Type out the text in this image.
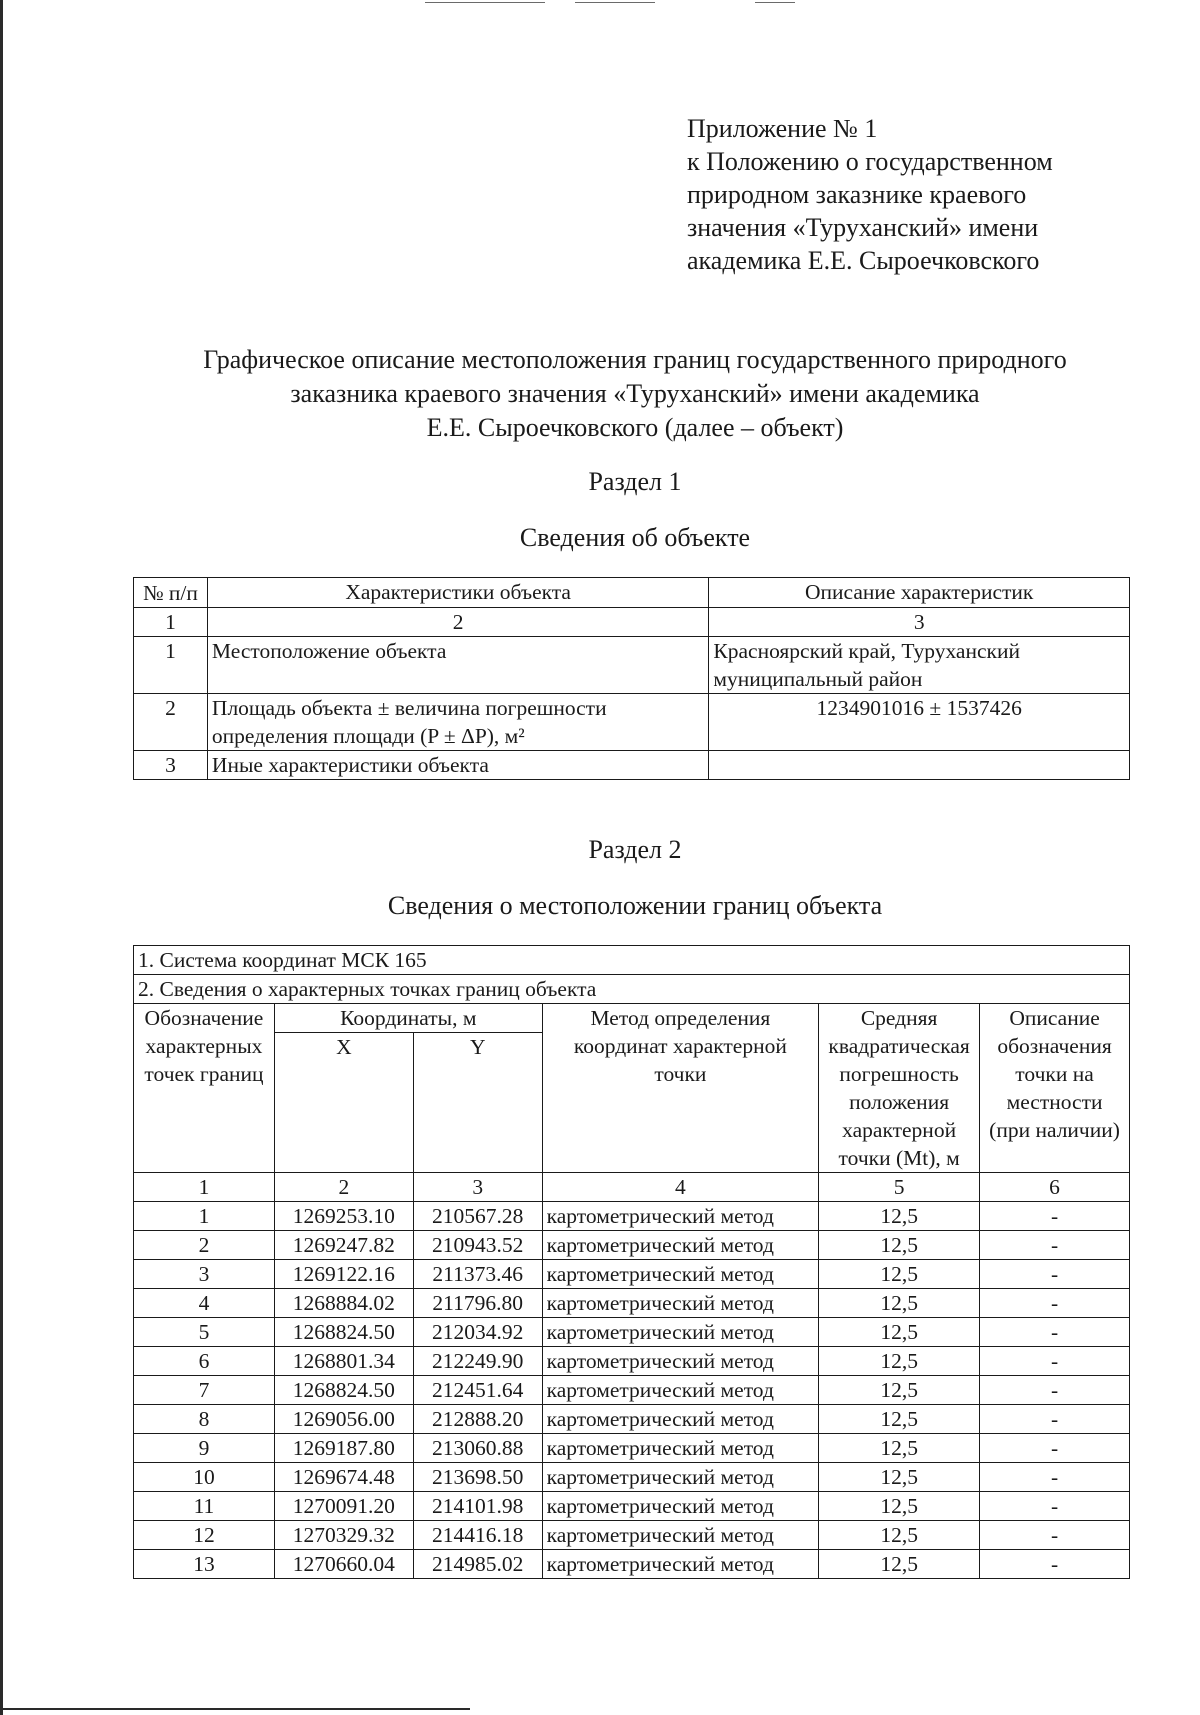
Приложение № 1
к Положению о государственном
природном заказнике краевого
значения «Туруханский» имени
академика Е.Е. Сыроечковского
Графическое описание местоположения границ государственного природного
заказника краевого значения «Туруханский» имени академика
Е.Е. Сыроечковского (далее – объект)
Раздел 1
Сведения об объекте
№ п/п	Характеристики объекта	Описание характеристик
1	2	3
1	Местоположение объекта	Красноярский край, Туруханский муниципальный район
2	Площадь объекта ± величина погрешности определения площади (P ± ΔP), м²	1234901016 ± 1537426
3	Иные характеристики объекта	
Раздел 2
Сведения о местоположении границ объекта
1. Система координат МСК 165					
2. Сведения о характерных точках границ объекта					
Обозначение характерных точек границ	Координаты, м		Метод определения координат характерной точки	Средняя квадратическая погрешность положения характерной точки (Mt), м	Описание обозначения точки на местности (при наличии)
	X	Y			
1	2	3	4	5	6
1	1269253.10	210567.28	картометрический метод	12,5	-
2	1269247.82	210943.52	картометрический метод	12,5	-
3	1269122.16	211373.46	картометрический метод	12,5	-
4	1268884.02	211796.80	картометрический метод	12,5	-
5	1268824.50	212034.92	картометрический метод	12,5	-
6	1268801.34	212249.90	картометрический метод	12,5	-
7	1268824.50	212451.64	картометрический метод	12,5	-
8	1269056.00	212888.20	картометрический метод	12,5	-
9	1269187.80	213060.88	картометрический метод	12,5	-
10	1269674.48	213698.50	картометрический метод	12,5	-
11	1270091.20	214101.98	картометрический метод	12,5	-
12	1270329.32	214416.18	картометрический метод	12,5	-
13	1270660.04	214985.02	картометрический метод	12,5	-
